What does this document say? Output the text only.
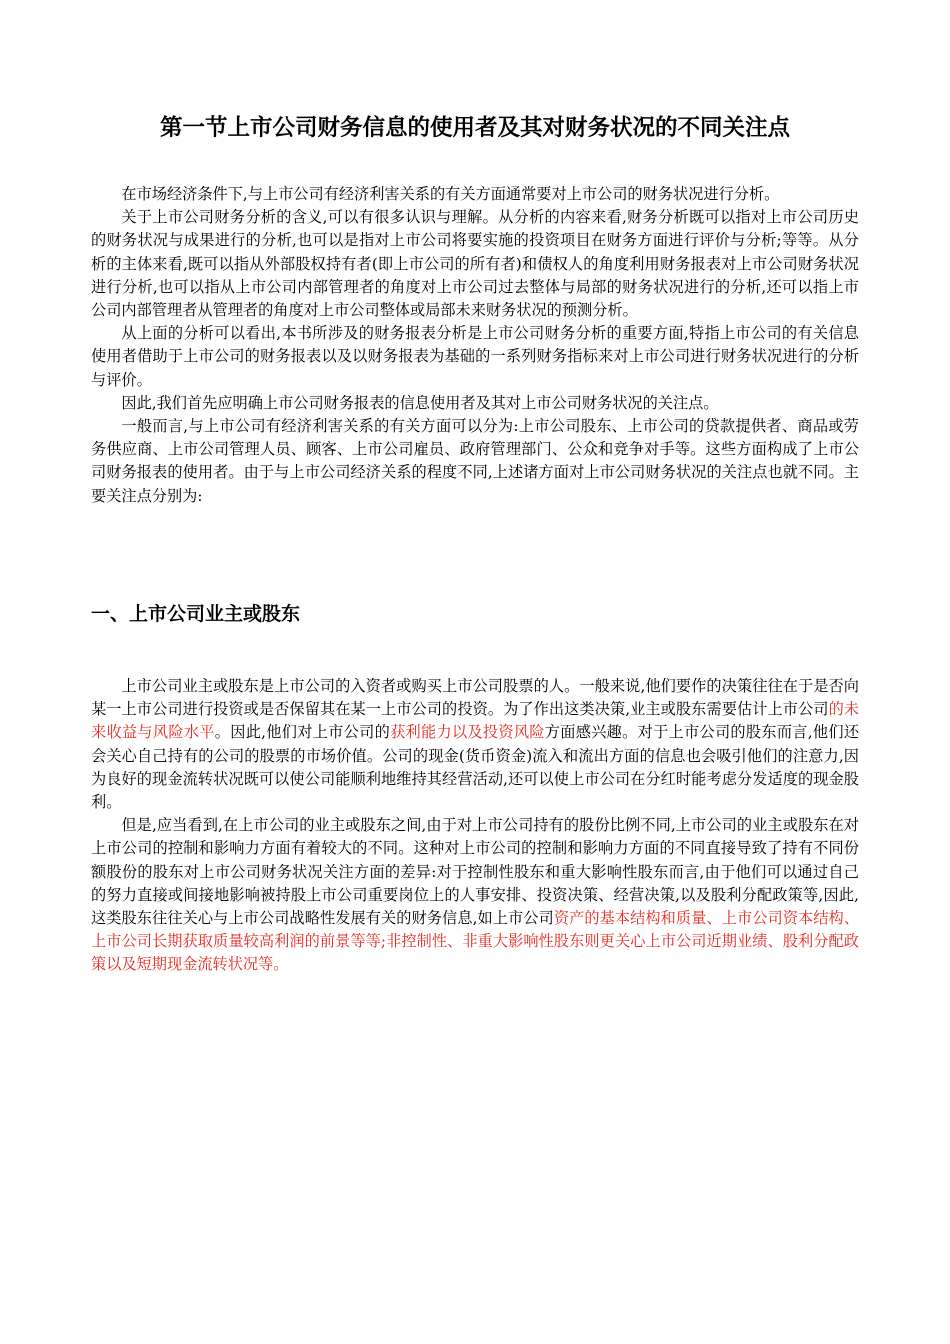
第一节上市公司财务信息的使用者及其对财务状况的不同关注点

在市场经济条件下,与上市公司有经济利害关系的有关方面通常要对上市公司的财务状况进行分析。

关于上市公司财务分析的含义,可以有很多认识与理解。从分析的内容来看,财务分析既可以指对上市公司历史的财务状况与成果进行的分析,也可以是指对上市公司将要实施的投资项目在财务方面进行评价与分析;等等。从分析的主体来看,既可以指从外部股权持有者(即上市公司的所有者)和债权人的角度利用财务报表对上市公司财务状况进行分析,也可以指从上市公司内部管理者的角度对上市公司过去整体与局部的财务状况进行的分析,还可以指上市公司内部管理者从管理者的角度对上市公司整体或局部未来财务状况的预测分析。

从上面的分析可以看出,本书所涉及的财务报表分析是上市公司财务分析的重要方面,特指上市公司的有关信息使用者借助于上市公司的财务报表以及以财务报表为基础的一系列财务指标来对上市公司进行财务状况进行的分析与评价。

因此,我们首先应明确上市公司财务报表的信息使用者及其对上市公司财务状况的关注点。

一般而言,与上市公司有经济利害关系的有关方面可以分为:上市公司股东、上市公司的贷款提供者、商品或劳务供应商、上市公司管理人员、顾客、上市公司雇员、政府管理部门、公众和竞争对手等。这些方面构成了上市公司财务报表的使用者。由于与上市公司经济关系的程度不同,上述诸方面对上市公司财务状况的关注点也就不同。主要关注点分别为:

一、上市公司业主或股东

上市公司业主或股东是上市公司的入资者或购买上市公司股票的人。一般来说,他们要作的决策往往在于是否向某一上市公司进行投资或是否保留其在某一上市公司的投资。为了作出这类决策,业主或股东需要估计上市公司的未来收益与风险水平。因此,他们对上市公司的获利能力以及投资风险方面感兴趣。对于上市公司的股东而言,他们还会关心自己持有的公司的股票的市场价值。公司的现金(货币资金)流入和流出方面的信息也会吸引他们的注意力,因为良好的现金流转状况既可以使公司能顺利地维持其经营活动,还可以使上市公司在分红时能考虑分发适度的现金股利。

但是,应当看到,在上市公司的业主或股东之间,由于对上市公司持有的股份比例不同,上市公司的业主或股东在对上市公司的控制和影响力方面有着较大的不同。这种对上市公司的控制和影响力方面的不同直接导致了持有不同份额股份的股东对上市公司财务状况关注方面的差异:对于控制性股东和重大影响性股东而言,由于他们可以通过自己的努力直接或间接地影响被持股上市公司重要岗位上的人事安排、投资决策、经营决策,以及股利分配政策等,因此,这类股东往往关心与上市公司战略性发展有关的财务信息,如上市公司资产的基本结构和质量、上市公司资本结构、上市公司长期获取质量较高利润的前景等等;非控制性、非重大影响性股东则更关心上市公司近期业绩、股利分配政策以及短期现金流转状况等。
